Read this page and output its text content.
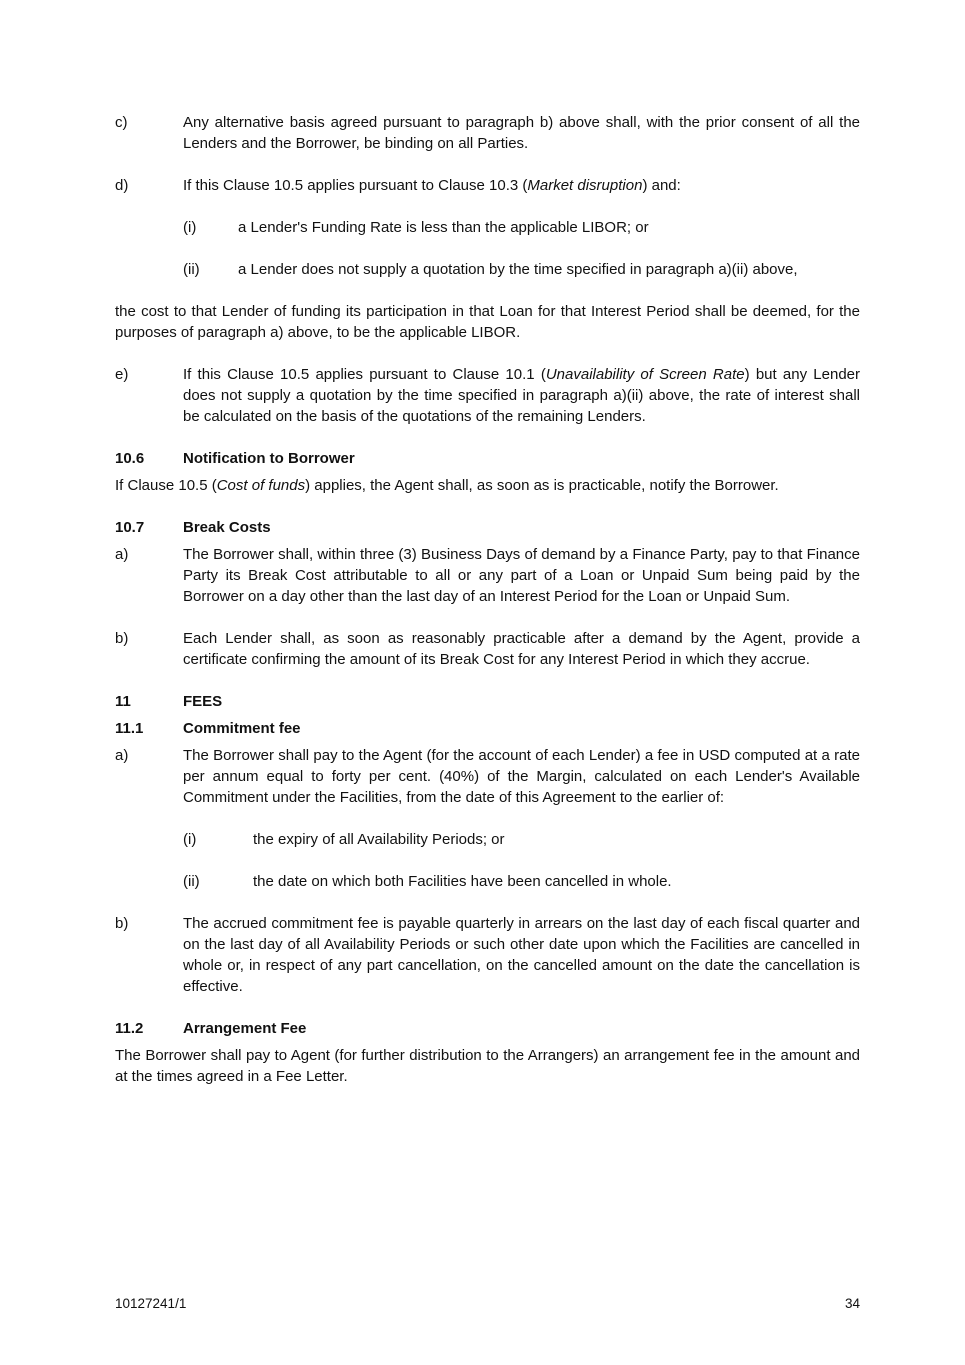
c)	Any alternative basis agreed pursuant to paragraph b) above shall, with the prior consent of all the Lenders and the Borrower, be binding on all Parties.
d)	If this Clause 10.5 applies pursuant to Clause 10.3 (Market disruption) and:
(i)	a Lender's Funding Rate is less than the applicable LIBOR; or
(ii)	a Lender does not supply a quotation by the time specified in paragraph a)(ii) above,
the cost to that Lender of funding its participation in that Loan for that Interest Period shall be deemed, for the purposes of paragraph a) above, to be the applicable LIBOR.
e)	If this Clause 10.5 applies pursuant to Clause 10.1 (Unavailability of Screen Rate) but any Lender does not supply a quotation by the time specified in paragraph a)(ii) above, the rate of interest shall be calculated on the basis of the quotations of the remaining Lenders.
10.6	Notification to Borrower
If Clause 10.5 (Cost of funds) applies, the Agent shall, as soon as is practicable, notify the Borrower.
10.7	Break Costs
a)	The Borrower shall, within three (3) Business Days of demand by a Finance Party, pay to that Finance Party its Break Cost attributable to all or any part of a Loan or Unpaid Sum being paid by the Borrower on a day other than the last day of an Interest Period for the Loan or Unpaid Sum.
b)	Each Lender shall, as soon as reasonably practicable after a demand by the Agent, provide a certificate confirming the amount of its Break Cost for any Interest Period in which they accrue.
11	FEES
11.1	Commitment fee
a)	The Borrower shall pay to the Agent (for the account of each Lender) a fee in USD computed at a rate per annum equal to forty per cent. (40%) of the Margin, calculated on each Lender's Available Commitment under the Facilities, from the date of this Agreement to the earlier of:
(i)	the expiry of all Availability Periods; or
(ii)	the date on which both Facilities have been cancelled in whole.
b)	The accrued commitment fee is payable quarterly in arrears on the last day of each fiscal quarter and on the last day of all Availability Periods or such other date upon which the Facilities are cancelled in whole or, in respect of any part cancellation, on the cancelled amount on the date the cancellation is effective.
11.2	Arrangement Fee
The Borrower shall pay to Agent (for further distribution to the Arrangers) an arrangement fee in the amount and at the times agreed in a Fee Letter.
10127241/1	34
